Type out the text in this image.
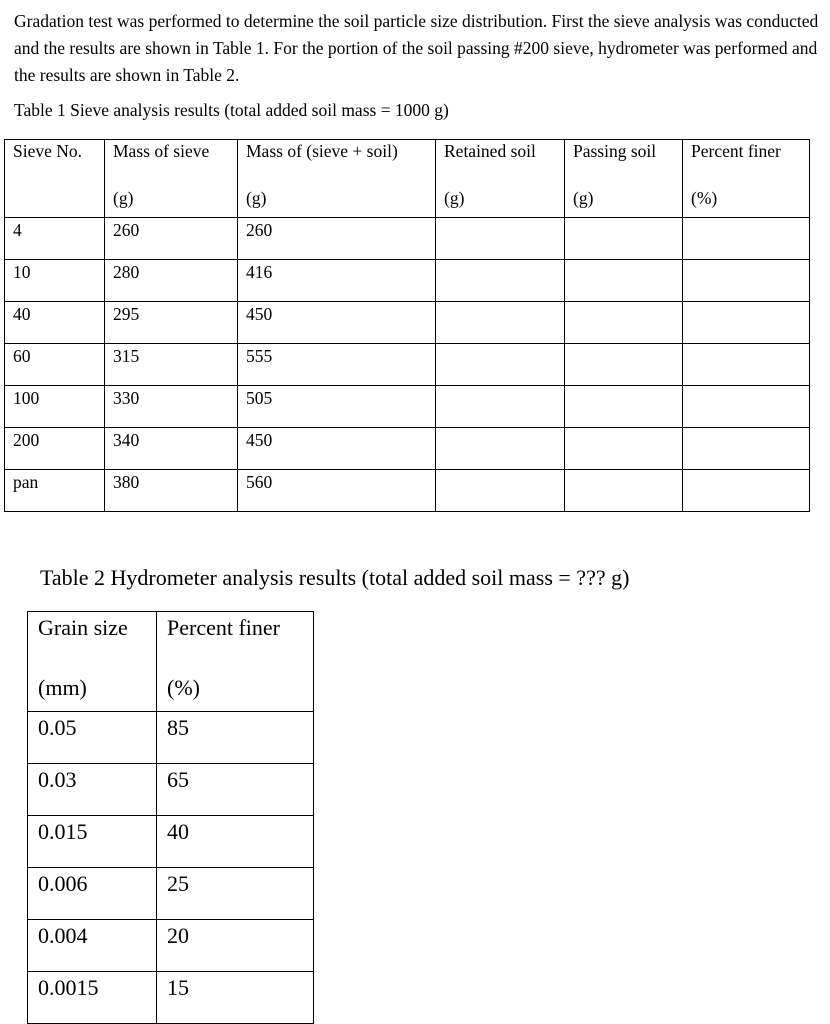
Gradation test was performed to determine the soil particle size distribution. First the sieve analysis was conducted and the results are shown in Table 1. For the portion of the soil passing #200 sieve, hydrometer was performed and the results are shown in Table 2.

Table 1 Sieve analysis results (total added soil mass = 1000 g)

Sieve No.	Mass of sieve	Mass of (sieve + soil)	Retained soil	Passing soil	Percent finer
	(g)	(g)	(g)	(g)	(%)
4	260	260			
10	280	416			
40	295	450			
60	315	555			
100	330	505			
200	340	450			
pan	380	560			

Table 2 Hydrometer analysis results (total added soil mass = ??? g)

Grain size	Percent finer
(mm)	(%)
0.05	85
0.03	65
0.015	40
0.006	25
0.004	20
0.0015	15
